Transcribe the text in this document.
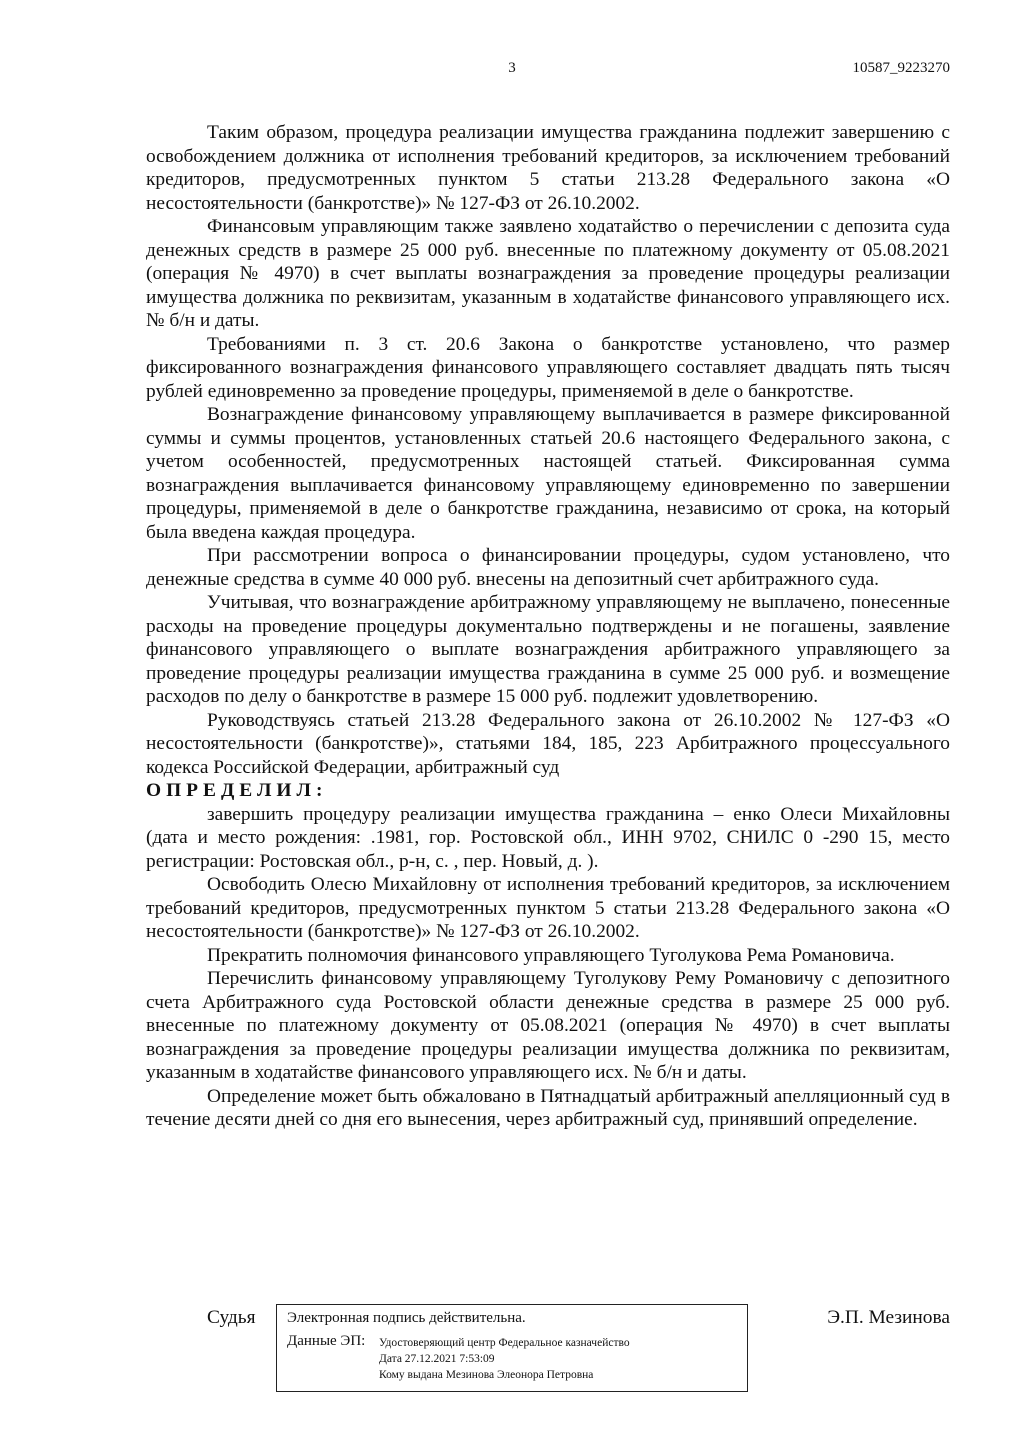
3	10587_9223270

Таким образом, процедура реализации имущества гражданина подлежит завершению с освобождением должника от исполнения требований кредиторов, за исключением требований кредиторов, предусмотренных пунктом 5 статьи 213.28 Федерального закона «О несостоятельности (банкротстве)» № 127-ФЗ от 26.10.2002.

Финансовым управляющим также заявлено ходатайство о перечислении с депозита суда денежных средств в размере 25 000 руб. внесенные по платежному документу от 05.08.2021 (операция № 4970) в счет выплаты вознаграждения за проведение процедуры реализации имущества должника по реквизитам, указанным в ходатайстве финансового управляющего исх.№ б/н и даты.

Требованиями п. 3 ст. 20.6 Закона о банкротстве установлено, что размер фиксированного вознаграждения финансового управляющего составляет двадцать пять тысяч рублей единовременно за проведение процедуры, применяемой в деле о банкротстве.

Вознаграждение финансовому управляющему выплачивается в размере фиксированной суммы и суммы процентов, установленных статьей 20.6 настоящего Федерального закона, с учетом особенностей, предусмотренных настоящей статьей. Фиксированная сумма вознаграждения выплачивается финансовому управляющему единовременно по завершении процедуры, применяемой в деле о банкротстве гражданина, независимо от срока, на который была введена каждая процедура.

При рассмотрении вопроса о финансировании процедуры, судом установлено, что денежные средства в сумме 40 000 руб. внесены на депозитный счет арбитражного суда.

Учитывая, что вознаграждение арбитражному управляющему не выплачено, понесенные расходы на проведение процедуры документально подтверждены и не погашены, заявление финансового управляющего о выплате вознаграждения арбитражного управляющего за проведение процедуры реализации имущества гражданина в сумме 25 000 руб. и возмещение расходов по делу о банкротстве в размере 15 000 руб. подлежит удовлетворению.

Руководствуясь статьей 213.28 Федерального закона от 26.10.2002 № 127-ФЗ «О несостоятельности (банкротстве)», статьями 184, 185, 223 Арбитражного процессуального кодекса Российской Федерации, арбитражный суд

ОПРЕДЕЛИЛ:

завершить процедуру реализации имущества гражданина – енко Олеси Михайловны (дата и место рождения: .1981, гор. Ростовской обл., ИНН 9702, СНИЛС 0 -290 15, место регистрации: Ростовская обл., р-н, с. , пер. Новый, д. ).

Освободить Олесю Михайловну от исполнения требований кредиторов, за исключением требований кредиторов, предусмотренных пунктом 5 статьи 213.28 Федерального закона «О несостоятельности (банкротстве)» № 127-ФЗ от 26.10.2002.

Прекратить полномочия финансового управляющего Туголукова Рема Романовича.

Перечислить финансовому управляющему Туголукову Рему Романовичу с депозитного счета Арбитражного суда Ростовской области денежные средства в размере 25 000 руб. внесенные по платежному документу от 05.08.2021 (операция № 4970) в счет выплаты вознаграждения за проведение процедуры реализации имущества должника по реквизитам, указанным в ходатайстве финансового управляющего исх. № б/н и даты.

Определение может быть обжаловано в Пятнадцатый арбитражный апелляционный суд в течение десяти дней со дня его вынесения, через арбитражный суд, принявший определение.

Судья Электронная подпись действительна.
Данные ЭП:	Удостоверяющий центр Федеральное казначейство
Дата 27.12.2021 7:53:09
Кому выдана Мезинова Элеонора Петровна
Э.П. Мезинова
